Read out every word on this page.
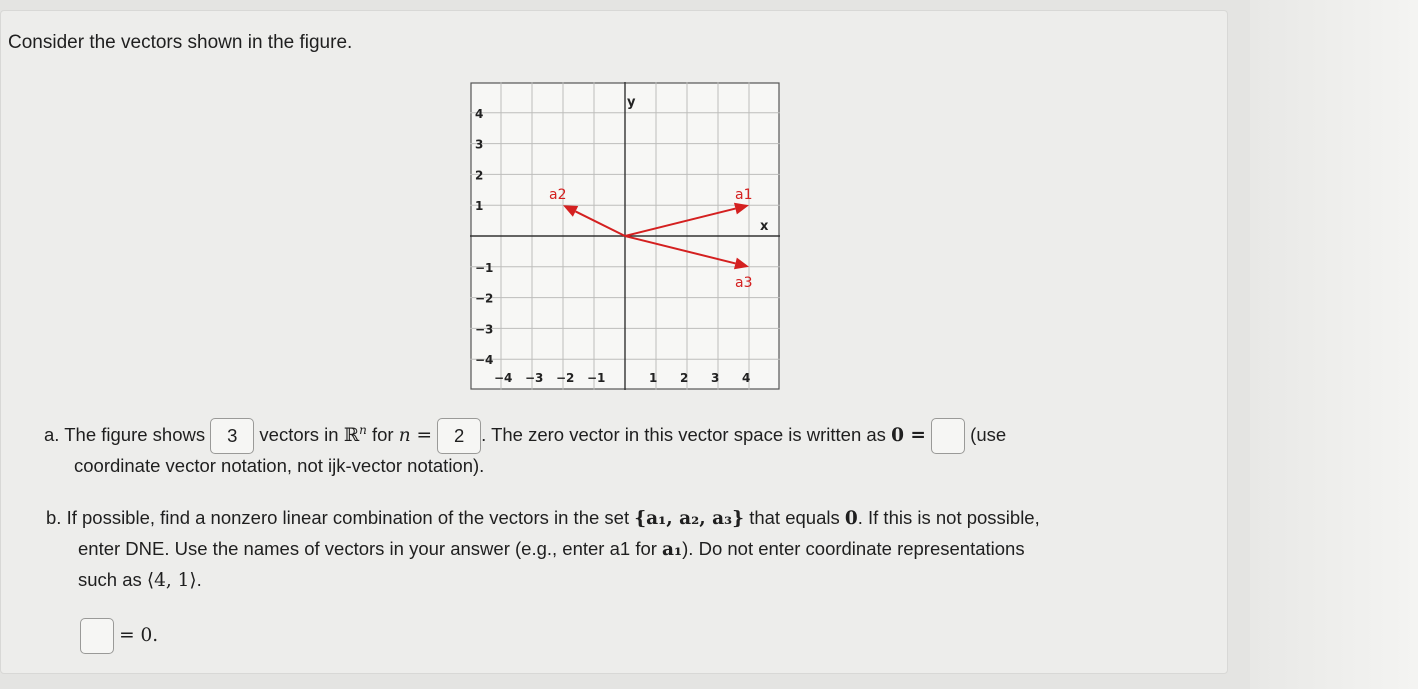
Consider the vectors shown in the figure.
y
x
4
3
2
1
−1
−2
−3
−4
−4 −3 −2 −1	1 2 3 4
a1
a2
a3
a. The figure shows 3 vectors in ℝ$^n$ for n = 2 . The zero vector in this vector space is written as 0 = (use
coordinate vector notation, not ijk-vector notation).
b. If possible, find a nonzero linear combination of the vectors in the set {a₁, a₂, a₃} that equals 0. If this is not possible,
enter DNE. Use the names of vectors in your answer (e.g., enter a1 for a₁). Do not enter coordinate representations
such as ⟨4, 1⟩.
= 0.
